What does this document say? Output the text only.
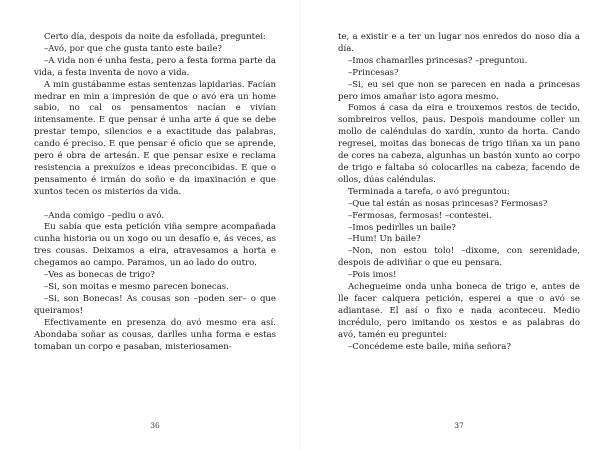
Certo día, despois da noite da esfollada, preguntei:

–Avó, por que che gusta tanto este baile?

–A vida non é unha festa, pero a festa forma parte da vida, a festa inventa de novo a vida.

A min gustábanme estas sentenzas lapidarias. Facían medrar en min a impresión de que o avó era un home sabio, no cal os pensamentos nacían e vivían intensamente. E que pensar é unha arte á que se debe prestar tempo, silencios e a exactitude das palabras, cando é preciso. E que pensar é oficio que se aprende, pero é obra de artesán. E que pensar esixe e reclama resistencia a prexuízos e ideas preconcibidas. E que o pensamento é irmán do soño e da imaxinación e que xuntos tecen os misterios da vida.

–Anda comigo –pediu o avó.

Eu sabía que esta petición viña sempre acompañada cunha historia ou un xogo ou un desafío e, ás veces, as tres cousas. Deixamos a eira, atravesamos a horta e chegamos ao campo. Paramos, un ao lado do outro.

–Ves as bonecas de trigo?

–Si, son moitas e mesmo parecen bonecas.

–Si, son Bonecas! As cousas son –poden ser– o que queiramos!

Efectivamente en presenza do avó mesmo era así. Abondaba soñar as cousas, darlles unha forma e estas tomaban un corpo e pasaban, misteriosamen-

36

te, a existir e a ter un lugar nos enredos do noso día a día.

–Imos chamarlles princesas? –preguntou.

–Princesas?

–Si, eu sei que non se parecen en nada a princesas pero imos amañar isto agora mesmo.

Fomos á casa da eira e trouxemos restos de tecido, sombreiros vellos, paus. Despois mandoume coller un mollo de caléndulas do xardín, xunto da horta. Cando regresei, moitas das bonecas de trigo tiñan xa un pano de cores na cabeza, algunhas un bastón xunto ao corpo de trigo e faltaba só colocarlles na cabeza, facendo de ollos, dúas caléndulas.

Terminada a tarefa, o avó preguntou:

–Que tal están as nosas princesas? Fermosas?

–Fermosas, fermosas! –contestei.

–Imos pedirlles un baile?

–Hum! Un baile?

–Non, non estou tolo! –dixome, con serenidade, despois de adiviñar o que eu pensara.

–Pois imos!

Achegueime onda unha boneca de trigo e, antes de lle facer calquera petición, esperei a que o avó se adiantase. El así o fixo e nada aconteceu. Medio incrédulo, pero imitando os xestos e as palabras do avó, tamén eu preguntei:

–Concédeme este baile, miña señora?

37
